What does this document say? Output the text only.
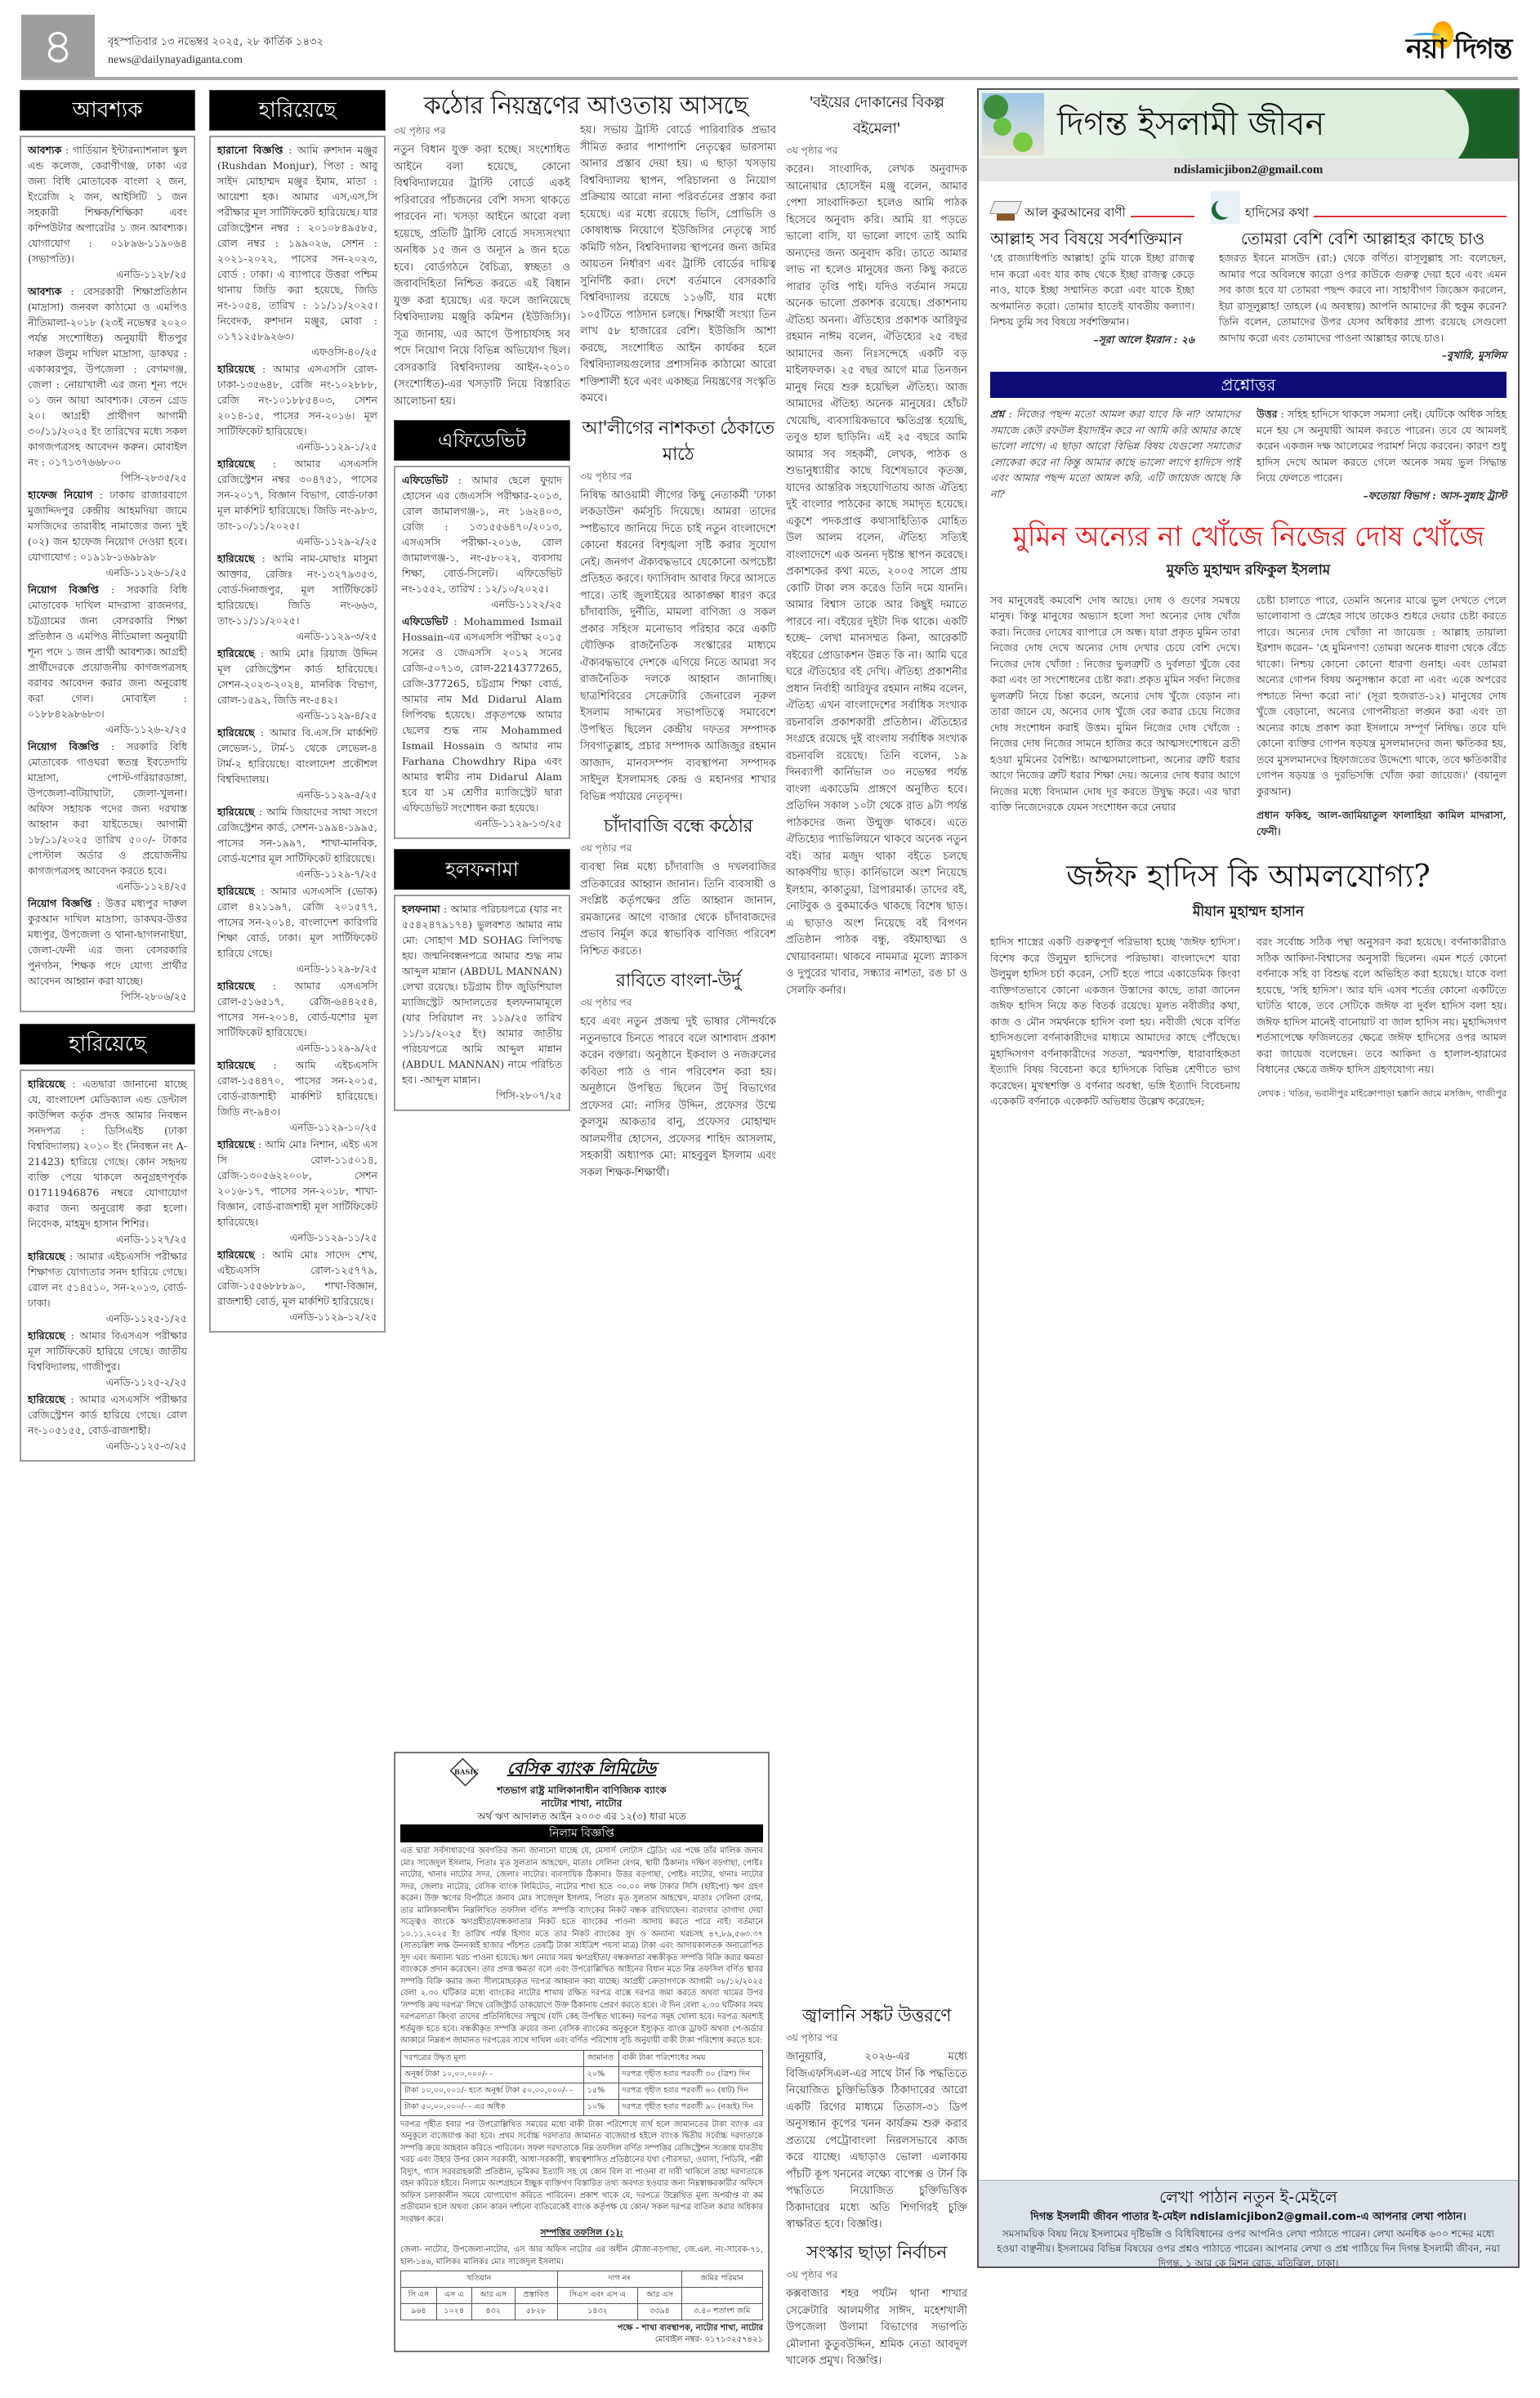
৪	বৃহস্পতিবার ১৩ নভেম্বর ২০২৫, ২৮ কার্তিক ১৪৩২
news@dailynayadiganta.com	নয়া দিগন্ত
আবশ্যক
আবশ্যক : গার্ডিয়ান ইন্টারন্যাশনাল স্কুল এন্ড কলেজ, কেরাণীগঞ্জ, ঢাকা এর জন্য বিধি মোতাবেক বাংলা ২ জন, ইংরেজি ২ জন, আইসিটি ১ জন সহকারী শিক্ষক/শিক্ষিকা এবং কম্পিউটার অপারেটর ১ জন আবশ্যক। যোগাযোগ : ০১৮৯৬-১১৯০৬৪ (সভাপতি)।
এনডি-১১২৮/২৫
আবশ্যক : বেসরকারী শিক্ষাপ্রতিষ্ঠান (মাদ্রাসা) জনবল কাঠামো ও এমপিও নীতিমালা-২০১৮ (২৩ই নভেম্বর ২০২০ পর্যন্ত সংশোধিত) অনুযায়ী ধীতপুর দারুল উলুম দাখিল মাদ্রাসা, ডাকঘর : একাব্বরপুর, উপজেলা : বেগমগঞ্জ, জেলা : নোয়াখালী এর জন্য শূন্য পদে ০১ জন আয়া আবশ্যক। বেতন গ্রেড ২০। আগ্রহী প্রার্থীগণ আগামী ৩০/১১/২০২৫ ইং তারিখের মধ্যে সকল কাগজপত্রসহ আবেদন করুন। মোবাইল নং : ০১৭১৩৭৬৬৮০০
পিসি-২৮৩৫/২৫
হাফেজ নিয়োগ : ঢাকায় রাজারবাগে মুজাদ্দিদপুর কেন্দ্রীয় আহমদিয়া জামে মসজিদের তারাবীহ নামাজের জন্য দুই (০২) জন হাফেজ নিয়োগ দেওয়া হবে। যোগাযোগ : ০১৯১৮-১৬৯৮৯৮
এনডি-১১২৬-১/২৫
নিয়োগ বিজ্ঞপ্তি : সরকারি বিধি মোতাবেক দাখিল মাদরাসা রাজনগর, চট্টগ্রামের জন্য বেসরকারি শিক্ষা প্রতিষ্ঠান ও এমপিও নীতিমালা অনুযায়ী শূন্য পদে ১ জন প্রার্থী আবশ্যক। আগ্রহী প্রার্থীদেরকে প্রয়োজনীয় কাগজপত্রসহ বরাবর আবেদন করার জন্য অনুরোধ করা গেল। মোবাইল : ০১৮৮৪২৯৮৬৮৩।
এনডি-১১২৬-২/২৫
নিয়োগ বিজ্ঞপ্তি : সরকারি বিধি মোতাবেক গাওঘরা স্বতন্ত্র ইবতেদায়ি মাদ্রাসা, পোস্ট-গরিয়ারডাঙ্গা, উপজেলা-বটিয়াঘাটা, জেলা-খুলনা। অফিস সহায়ক পদের জন্য দরখাস্ত আহ্বান করা যাইতেছে। আগামী ১৮/১১/২০২৫ তারিখ ৫০০/- টাকার পোস্টাল অর্ডার ও প্রয়োজনীয় কাগজপত্রসহ আবেদন করতে হবে।
এনডি-১১২৪/২৫
নিয়োগ বিজ্ঞপ্তি : উত্তর মধ্যপুর দারুল কুরআন দাখিল মাদ্রাসা, ডাকঘর-উত্তর মধ্যপুর, উপজেলা ও থানা-ছাগলনাইয়া, জেলা-ফেনী এর জন্য বেসরকারি পুনগঠন, শিক্ষক পদে যোগ্য প্রার্থীর আবেদন আহ্বান করা যাচ্ছে।
পিসি-২৮০৬/২৫
হারিয়েছে
হারিয়েছে : এতদ্বারা জানানো যাচ্ছে যে, বাংলাদেশ মেডিক্যাল এন্ড ডেন্টাল কাউন্সিল কর্তৃক প্রদত্ত আমার নিবন্ধন সনদপত্র : ডিসিএইচ (ঢাকা বিশ্ববিদ্যালয়) ২০১০ ইং (নিবন্ধন নং A-21423) হারিয়ে গেছে। কোন সহৃদয় ব্যক্তি পেয়ে থাকলে অনুগ্রহণপূর্বক 01711946876 নম্বরে যোগাযোগ করার জন্য অনুরোধ করা হলো। নিবেদক, মাহমুদ হাসান শিশির।
এনডি-১১২৭/২৫
হারিয়েছে : আমার এইচএসসি পরীক্ষার শিক্ষাগত যোগ্যতার সনদ হারিয়ে গেছে। রোল নং ৫১৪৫১০, সন-২০১৩, বোর্ড-ঢাকা।
এনডি-১১২৫-১/২৫
হারিয়েছে : আমার বিএসএস পরীক্ষার মূল সার্টিফিকেট হারিয়ে গেছে। জাতীয় বিশ্ববিদ্যালয়, গাজীপুর।
এনডি-১১২৫-২/২৫
হারিয়েছে : আমার এসএসসি পরীক্ষার রেজিস্ট্রেশন কার্ড হারিয়ে গেছে। রোল নং-১০৫১৫৫, বোর্ড-রাজশাহী।
এনডি-১১২৫-৩/২৫
হারিয়েছে
হারানো বিজ্ঞপ্তি : আমি রুশদান মঞ্জুর (Rushdan Monjur), পিতা : আবু সাইদ মোহাম্মদ মঞ্জুর ইমাম, মাতা : আয়েশা হক। আমার এস,এস,সি পরীক্ষার মূল সার্টিফিকেট হারিয়েছে। যার রেজিস্ট্রেশন নম্বর : ২০১০৮৪৯৫৮৫, রোল নম্বর : ১৯৯০২৬, সেশন : ২০২১-২০২২, পাসের সন-২০২৩, বোর্ড : ঢাকা। এ ব্যাপারে উত্তরা পশ্চিম থানায় জিডি করা হয়েছে, জিডি নং-১০৫৪, তারিখ : ১১/১১/২০২৫। নিবেদক, রুশদান মঞ্জুর, মোবা : ০১৭১২৫৮৯২৬৩।
এফওসি-৪০/২৫
হারিয়েছে : আমার এসএসসি রোল-ঢাকা-১৩৫৬৪৮, রেজি নং-১০২৮৮৮, রেজি নং-১০১৮৮৫৪০৩, সেশন ২০১৪-১৫, পাসের সন-২০১৬। মূল সার্টিফিকেট হারিয়েছে।
এনডি-১১২৯-১/২৫
হারিয়েছে : আমার এসএসসি রেজিস্ট্রেশন নম্বর ৩০৪৭৫১, পাসের সন-২০১৭, বিজ্ঞান বিভাগ, বোর্ড-ঢাকা মূল মার্কশিট হারিয়েছে। জিডি নং-৯৮৩, তাং-১০/১১/২০২৫।
এনডি-১১২৯-২/২৫
হারিয়েছে : আমি নাম-মোছাঃ মাসুমা আক্তার, রেজিঃ নং-১৩২৭৯৩৫৩, বোর্ড-দিনাজপুর, মূল সার্টিফিকেট হারিয়েছে। জিডি নং-৬৬৩, তাং-১১/১১/২০২৫।
এনডি-১১২৯-৩/২৫
হারিয়েছে : আমি মোঃ রিয়াজ উদ্দিন মূল রেজিস্ট্রেশন কার্ড হারিয়েছে। সেশন-২০২৩-২০২৪, মানবিক বিভাগ, রোল-১৫৯২, জিডি নং-৫৪২।
এনডি-১১২৯-৪/২৫
হারিয়েছে : আমার বি.এস.সি মার্কশিট লেভেল-১, টার্ম-১ থেকে লেভেল-৪ টার্ম-২ হারিয়েছে। বাংলাদেশ প্রকৌশল বিশ্ববিদ্যালয়।
এনডি-১১২৯-৫/২৫
হারিয়েছে : আমি জিয়াদের সাথা সংগে রেজিস্ট্রেশন কার্ড, সেশন-১৯৯৪-১৯৯৫, পাসের সন-১৯৯৭, শাখা-মানবিক, বোর্ড-যশোর মূল সার্টিফিকেট হারিয়েছে।
এনডি-১১২৯-৭/২৫
হারিয়েছে : আমার এসএসসি (ভোক) রোল ৪২১১৯৭, রেজি ২০১৫৭৭, পাসের সন-২০১৪, বাংলাদেশ কারিগরি শিক্ষা বোর্ড, ঢাকা। মূল সার্টিফিকেট হারিয়ে গেছে।
এনডি-১১২৯-৮/২৫
হারিয়েছে : আমার এসএসসি রোল-৫১৬৫১৭, রেজি-৬৪৪২৫৪, পাসের সন-২০১৪, বোর্ড-যশোর মূল সার্টিফিকেট হারিয়েছে।
এনডি-১১২৯-৯/২৫
হারিয়েছে : আমি এইচএসসি রোল-১৫৪৪৭০, পাসের সন-২০১৫, বোর্ড-রাজশাহী মার্কশিট হারিয়েছে। জিডি নং-৯৪৩।
এনডি-১১২৯-১০/২৫
হারিয়েছে : আমি মোঃ নিশান, এইচ এস সি রোল-১১৫০১৪, রেজি-১৩০৫৬২২০০৮, সেশন ২০১৬-১৭, পাসের সন-২০১৮, শাখা-বিজ্ঞান, বোর্ড-রাজশাহী মূল সার্টিফিকেট হারিয়েছে।
এনডি-১১২৯-১১/২৫
হারিয়েছে : আমি মোঃ সাদেদ শেখ, এইচএসসি রোল-১২৫৭৭৯, রেজি-১৫৫৬৮৮৮৯০, শাখা-বিজ্ঞান, রাজশাহী বোর্ড, মূল মার্কশিট হারিয়েছে।
এনডি-১১২৯-১২/২৫
কঠোর নিয়ন্ত্রণের আওতায় আসছে
৩য় পৃষ্ঠার পর
নতুন বিধান যুক্ত করা হচ্ছে। সংশোধিত আইনে বলা হয়েছে, কোনো বিশ্ববিদ্যালয়ের ট্রাস্টি বোর্ডে একই পরিবারের পাঁচজনের বেশি সদস্য থাকতে পারবেন না। খসড়া আইনে আরো বলা হয়েছে, প্রতিটি ট্রাস্টি বোর্ডে সদস্যসংখ্যা অনধিক ১৫ জন ও অন্যূন ৯ জন হতে হবে। বোর্ডগঠনে বৈচিত্র্য, স্বচ্ছতা ও জবাবদিহিতা নিশ্চিত করতে এই বিধান যুক্ত করা হয়েছে। এর ফলে জানিয়েছে বিশ্ববিদ্যালয় মঞ্জুরি কমিশন (ইউজিসি)। সূত্র জানায়, এর আগে উপাচার্যসহ সব পদে নিয়োগ নিয়ে বিভিন্ন অভিযোগ ছিল। বেসরকারি বিশ্ববিদ্যালয় আইন-২০১০ (সংশোধিত)-এর খসড়াটি নিয়ে বিস্তারিত আলোচনা হয়।
এফিডেভিট
এফিডেভিট : আমার ছেলে ফুয়াদ হোসেন এর জেএসসি পরীক্ষার-২০১৩, রোল জামালগঞ্জ-১, নং ১৬২৪০৩, রেজি : ১৩১৫৫৬৪৭০/২০১৩, এসএসসি পরীক্ষা-২০১৬, রোল জামালগঞ্জ-১, নং-৫৮০২২, ব্যবসায় শিক্ষা, বোর্ড-সিলেট। এফিডেভিট নং-১৫৫২, তারিখ : ১২/১০/২০২৫।
এনডি-১১২২/২৫
এফিডেভিট : Mohammed Ismail Hossain-এর এসএসসি পরীক্ষা ২০১৫ সনের ও জেএসসি ২০১২ সনের রেজি-৫০৭১৩, রোল-2214377265, রেজি-377265, চট্টগ্রাম শিক্ষা বোর্ড, আমার নাম Md Didarul Alam লিপিবদ্ধ হয়েছে। প্রকৃতপক্ষে আমার ছেলের শুদ্ধ নাম Mohammed Ismail Hossain ও আমার নাম Farhana Chowdhry Ripa এবং আমার স্বামীর নাম Didarul Alam হবে যা ১ম শ্রেণীর ম্যাজিস্ট্রেট দ্বারা এফিডেভিট সংশোধন করা হয়েছে।
এনডি-১১২৯-১৩/২৫
হলফনামা
হলফনামা : আমার পরিচয়পত্রে (যার নং ৫৫৪২৪৭৯১৭৪) ভুলবশত আমার নাম মো: সোহাগ MD SOHAG লিপিবদ্ধ হয়। জন্মনিবন্ধনপত্রে আমার শুদ্ধ নাম আব্দুল মান্নান (ABDUL MANNAN) লেখা রয়েছে। চট্টগ্রাম চীফ জুডিশিয়াল ম্যাজিস্ট্রেট আদালতের হলফনামামূলে (যার সিরিয়াল নং ১১৯/২৫ তারিখ ১১/১১/২০২৫ ইং) আমার জাতীয় পরিচয়পত্রে আমি আব্দুল মান্নান (ABDUL MANNAN) নামে পরিচিত হব। -আব্দুল মান্নান।
পিসি-২৮০৭/২৫
হয়। সভায় ট্রাস্টি বোর্ডে পারিবারিক প্রভাব সীমিত করার পাশাপাশি নেতৃত্বের ভারসাম্য আনার প্রস্তাব দেয়া হয়। এ ছাড়া খসড়ায় বিশ্ববিদ্যালয় স্থাপন, পরিচালনা ও নিয়োগ প্রক্রিয়ায় আরো নানা পরিবর্তনের প্রস্তাব করা হয়েছে। এর মধ্যে রয়েছে ভিসি, প্রোভিসি ও কোষাধ্যক্ষ নিয়োগে ইউজিসির নেতৃত্বে সার্চ কমিটি গঠন, বিশ্ববিদ্যালয় স্থাপনের জন্য জমির আয়তন নির্ধারণ এবং ট্রাস্টি বোর্ডের দায়িত্ব সুনির্দিষ্ট করা। দেশে বর্তমানে বেসরকারি বিশ্ববিদ্যালয় রয়েছে ১১৬টি, যার মধ্যে ১০৫টিতে পাঠদান চলছে। শিক্ষার্থী সংখ্যা তিন লাখ ৫৮ হাজারের বেশি। ইউজিসি আশা করছে, সংশোধিত আইন কার্যকর হলে বিশ্ববিদ্যালয়গুলোর প্রশাসনিক কাঠামো আরো শক্তিশালী হবে এবং একচ্ছত্র নিয়ন্ত্রণের সংস্কৃতি কমবে।
আ'লীগের নাশকতা ঠেকাতে মাঠে
৩য় পৃষ্ঠার পর
নিষিদ্ধ আওয়ামী লীগের কিছু নেতাকর্মী 'ঢাকা লকডাউন' কর্মসূচি দিয়েছে। আমরা তাদের স্পষ্টভাবে জানিয়ে দিতে চাই নতুন বাংলাদেশে কোনো ধরনের বিশৃঙ্খলা সৃষ্টি করার সুযোগ নেই। জনগণ ঐক্যবদ্ধভাবে যেকোনো অপচেষ্টা প্রতিহত করবে। ফ্যাসিবাদ আবার ফিরে আসতে পারে। তাই জুলাইয়ের আকাঙ্ক্ষা ধারণ করে চাঁদাবাজি, দুর্নীতি, মামলা বাণিজ্য ও সকল প্রকার সহিংস মনোভাব পরিহার করে একটি যৌক্তিক রাজনৈতিক সংস্কারের মাধ্যমে ঐক্যবদ্ধভাবে দেশকে এগিয়ে নিতে আমরা সব রাজনৈতিক দলকে আহ্বান জানাচ্ছি। ছাত্রশিবিরের সেক্রেটারি জেনারেল নূরুল ইসলাম সাদ্দামের সভাপতিত্বে সমাবেশে উপস্থিত ছিলেন কেন্দ্রীয় দফতর সম্পাদক সিবগাতুল্লাহ, প্রচার সম্পাদক আজিজুর রহমান আজাদ, মানবসম্পদ ব্যবস্থাপনা সম্পাদক সাইদুল ইসলামসহ কেন্দ্র ও মহানগর শাখার বিভিন্ন পর্যায়ের নেতৃবৃন্দ।
চাঁদাবাজি বন্ধে কঠোর
৩য় পৃষ্ঠার পর
ব্যবস্থা নিন্ন মধ্যে চাঁদাবাজি ও দখলবাজির প্রতিকারের আহ্বান জানান। তিনি ব্যবসায়ী ও সংশ্লিষ্ট কর্তৃপক্ষের প্রতি আহ্বান জানান, রমজানের আগে বাজার থেকে চাঁদাবাজদের প্রভাব নির্মূল করে স্বাভাবিক বাণিজ্য পরিবেশ নিশ্চিত করতে।
রাবিতে বাংলা-উর্দু
৩য় পৃষ্ঠার পর
হবে এবং নতুন প্রজন্ম দুই ভাষার সৌন্দর্যকে নতুনভাবে চিনতে পারবে বলে আশাবাদ প্রকাশ করেন বক্তারা। অনুষ্ঠানে ইকবাল ও নজরুলের কবিতা পাঠ ও গান পরিবেশন করা হয়। অনুষ্ঠানে উপস্থিত ছিলেন উর্দু বিভাগের প্রফেসর মো: নাসির উদ্দিন, প্রফেসর উম্মে কুলসুম আকতার বানু, প্রফেসর মোহাম্মদ আলমগীর হোসেন, প্রফেসর শাহিদ আসলাম, সহকারী অধ্যাপক মো: মাহবুবুল ইসলাম এবং সকল শিক্ষক-শিক্ষার্থী।
BASIC	বেসিক ব্যাংক লিমিটেড
শতভাগ রাষ্ট্র মালিকানাধীন বাণিজ্যিক ব্যাংক
নাটোর শাখা, নাটোর
অর্থ ঋণ আদালত আইন ২০০৩ এর ১২(৩) ধারা মতে
নিলাম বিজ্ঞপ্তি
এত দ্বারা সর্বসাধারণের অবগতির জন্য জানানো যাচ্ছে যে, মেসার্স লোটাস ট্রেডিং এর পক্ষে তাঁর মালিক জনাব মোঃ সাজেদুল ইসলাম, পিতাঃ মৃত সুলতান আহম্মেদ, মাতাঃ সেলিনা বেগম, স্থায়ী ঠিকানাঃ দক্ষিণ বড়গাছা, পোষ্টঃ নাটোর, থানাঃ নাটোর সদর, জেলাঃ নাটোর। ব্যবসায়িক ঠিকানাঃ উত্তর বড়গাছা, পোষ্টঃ নাটোর, থানাঃ নাটোর সদর, জেলাঃ নাটোর, বেসিক ব্যাংক লিমিটেড, নাটোর শাখা হতে ৩০.০০ লক্ষ টাকার সিসি (হাইপো) ঋণ গ্রহণ করেন। উক্ত ঋণের বিপরীতে জনাব মোঃ সাজেদুল ইসলাম, পিতাঃ মৃত সুলতান আহম্মেদ, মাতাঃ সেলিনা বেগম, তার মালিকানাধীন নিম্নলিখিত তফসিল বর্ণিত সম্পত্তি ব্যাংকের নিকট বন্ধক রাখিয়াছেন। বারংবার তাগাদা দেয়া সত্ত্বেও ব্যাংকে ঋণগ্রহীতা/বন্ধকদাতার নিকট হতে ব্যাংকের পাওনা আদায় করতে পারে নাই। বর্তমানে ১০.১১.২০২৫ ইং তারিখ পর্যন্ত হিসাব মতে তার নিকট ব্যাংকের সুদ ও অন্যান্য খরচসহ ৪৭,৮৯,৫৬৩.৩৭ (সাতচল্লিশ লক্ষ উননব্বই হাজার পাঁচশত তেষট্টি টাকা সাইত্রিশ পয়সা মাত্র) টাকা এবং আদায়কালতক অনারোপিত সুদ এবং অন্যান্য খরচ পাওনা হয়েছে। ঋণ নেয়ার সময় ঋণগ্রহীতা/ বন্ধকদাতা বন্ধকীকৃত সম্পত্তি বিক্রি করার ক্ষমতা ব্যাংককে প্রদান করেছেন। তার প্রদত্ত ক্ষমতা বলে এবং উপরোল্লিখিত আইনের বিধান মতে নিম্ন তফসিল বর্ণিত স্থাবর সম্পত্তি বিক্রি করার জন্য সীলমোহরকৃত দরপত্র আহবান করা যাচ্ছে। আগ্রহী ক্রেতাগণকে আগামী ০৮/১২/২০২৫ বেলা ২.৩০ ঘটিকার মধ্যে ব্যাংকের নাটোর শাখায় রক্ষিত দরপত্র বাক্সে দরপত্র জমা করতে অথবা খামের উপর 'সম্পত্তি ক্রয় দরপত্র' লিখে রেজিস্ট্রার্ড ডাকযোগে উক্ত ঠিকানায় প্রেরণ করতে হবে। ঐ দিন বেলা ২.৩০ ঘটিকার সময় দরপত্রদাতা কিংবা তাদের প্রতিনিধিদের সম্মুখে (যদি কেহ উপস্থিত থাকেন) দরপত্র সমূহ খোলা হবে। দরপত্র অবশ্যই শর্তমুক্ত হতে হবে। বন্ধকীকৃত সম্পত্তি ক্রয়ের জন্য বেসিক ব্যাংকের অনুকূলে ইস্যুকৃত ব্যাংক ড্রাফট অথবা পে-অর্ডার আকারে নিম্নরূপ জামানত দরপত্রের সাথে দাখিল এবং বর্ণিত পরিশোধ সূচি অনুযায়ী বাকী টাকা পরিশোধ করতে হবে:
দরপত্রের উদ্ধৃত মূল্য	জামানত	বাকী টাকা পরিশোধের সময়
অনূর্ধ্ব টাকা ১০,০০,০০০/- -	২০%	দরপত্র গৃহীত হবার পরবর্তী ৩০ (ত্রিশ) দিন
টাকা ১০,০০,০০১/- হতে অনূর্ধ্ব টাকা ৫০,০০,০০০/- -	১৫%	দরপত্র গৃহীত হবার পরবর্তী ৬০ (ষাট) দিন
টাকা ৫০,০০,০০০/- - এর অধিক	১০%	দরপত্র গৃহীত হবার পরবর্তী ৯০ (নব্বই) দিন
দরপত্র গৃহীত হবার পর উপরোল্লিখিত সময়ের মধ্যে বাকী টাকা পরিশোধে ব্যর্থ হলে জামানতের টাকা ব্যাংক এর অনুকূলে বাজেয়াপ্ত করা হবে। প্রথম সর্বোচ্চ দরদাতার জামানত বাজেয়াপ্ত হইলে ব্যাংক দ্বিতীয় সর্বোচ্চ দরদাতাকে সম্পত্তি ক্রয়ে আহবান করিতে পারিবেন। সফল দরদাতাকে নিম্ন তফসিল বর্ণিত সম্পত্তির রেজিস্ট্রেশন সংক্রান্ত যাবতীয় খরচ এবং উহার উপর কোন সরকারী, আধা-সরকারী, স্বায়ত্বশাসিত প্রতিষ্ঠানের যথা পৌরসভা, ওয়াসা, পিডিবি, পল্লী বিদ্যুৎ, গ্যাস সরবরাহকারী প্রতিষ্ঠান, ভূমিকর ইত্যাদি সহ যে কোন বিল বা পাওনা বা দাবী থাকিলে তাহা দরদাতাকে বহন করিতে হইবে। নিলামে অংশগ্রহনে ইচ্ছুক ব্যক্তিগণ বিস্তারিত তথ্য অবগত হওয়ার জন্য নিম্নস্বাক্ষরকারীর অফিসে অফিস চলাকালীন সময়ে যোগাযোগ করিতে পারিবেন। প্রকাশ থাকে যে, দরপত্রে উল্লেখিত মূল্য অপর্যাপ্ত বা কম প্রতীয়মান হলে অথবা কোন কারন দর্শানো ব্যতিরেকেই ব্যাংক কর্তৃপক্ষ যে কোন/ সকল দরপত্র বাতিল করার অধিকার সংরক্ষণ করে।
সম্পত্তির তফসিল (১):
জেলা- নাটোর, উপজেলা-নাটোর, এস আর অফিস নাটোর এর অধীন মৌজা-বড়গাছা, জে.এল. নং-সাবেক-৭১, হাল-১৪৬, মালিকঃ মালিকঃ মোঃ সাজেদুল ইসলাম।
খতিয়ান				দাগ নং		জমির পরিমান
সি এস	এস এ	আর এস	প্রস্তাবিত	সিএস এবং এস এ	আর এস	
৯৬৪	১০২৪	৪৩২	৫৮২৮	১৪৩২	৩৩৯৪	৩.৪০ শতাংশ জমি
পক্ষে - শাখা ব্যবস্থাপক, নাটোর শাখা, নাটোর
মোবাইল নম্বর- ০১৭১৩২৫৭৪২১
'বইয়ের দোকানের বিকল্প বইমেলা'
৩য় পৃষ্ঠার পর
করেন। সাংবাদিক, লেখক অনুবাদক আনোয়ার হোসেইন মঞ্জু বলেন, আমার পেশা সাংবাদিকতা হলেও আমি পাঠক হিসেবে অনুবাদ করি। আমি যা পড়তে ভালো বাসি, যা ভালো লাগে তাই আমি অন্যদের জন্য অনুবাদ করি। তাতে আমার লাভ না হলেও মানুষের জন্য কিছু করতে পারার তৃপ্তি পাই। যদিও বর্তমান সময়ে অনেক ভালো প্রকাশক রয়েছে। প্রকাশনায় ঐতিহ্য অনন্য। ঐতিহ্যের প্রকাশক আরিফুর রহমান নাঈম বলেন, ঐতিহ্যের ২৫ বছর আমাদের জন্য নিঃসন্দেহে একটি বড় মাইলফলক। ২৫ বছর আগে মাত্র তিনজন মানুষ নিয়ে শুরু হয়েছিল ঐতিহ্য। আজ আমাদের ঐতিহ্য অনেক মানুষের। হোঁচট খেয়েছি, ব্যবসায়িকভাবে ক্ষতিগ্রস্ত হয়েছি, তবুও হাল ছাড়িনি। এই ২৫ বছরে আমি আমার সব সহকর্মী, লেখক, পাঠক ও শুভানুধ্যায়ীর কাছে বিশেষভাবে কৃতজ্ঞ, যাদের আন্তরিক সহযোগিতায় আজ ঐতিহ্য দুই বাংলার পাঠকের কাছে সমাদৃত হয়েছে। একুশে পদকপ্রাপ্ত কথাসাহিত্যিক মোহিত উল আলম বলেন, ঐতিহ্য সত্যিই বাংলাদেশে এক অনন্য দৃষ্টান্ত স্থাপন করেছে। প্রকাশকের কথা মতে, ২০০৫ সালে প্রায় কোটি টাকা লস করেও তিনি দমে যাননি। আমার বিশ্বাস তাকে আর কিছুই দমাতে পারবে না। বইয়ের দুইটা দিক থাকে। একটি হচ্ছে– লেখা মানসম্মত কিনা, আরেকটি বইয়ের প্রোডাকশন উন্নত কি না। আমি ঘরে ঘরে ঐতিহ্যের বই দেখি। ঐতিহ্য প্রকাশনীর প্রধান নির্বাহী আরিফুর রহমান নাঈম বলেন, ঐতিহ্য এখন বাংলাদেশের সর্বাধিক সংখ্যক রচনাবলি প্রকাশকারী প্রতিষ্ঠান। ঐতিহ্যের সংগ্রহে রয়েছে দুই বাংলায় সর্বাধিক সংখ্যক রচনাবলি রয়েছে। তিনি বলেন, ১৯ দিনব্যাপী কার্নিভাল ৩০ নভেম্বর পর্যন্ত বাংলা একাডেমি প্রাঙ্গণে অনুষ্ঠিত হবে। প্রতিদিন সকাল ১০টা থেকে রাত ৯টা পর্যন্ত পাঠকদের জন্য উন্মুক্ত থাকবে। এতে ঐতিহ্যের প্যাভিলিয়নে থাকবে অনেক নতুন বই। আর মজুদ থাকা বইতে চলছে আকর্ষণীয় ছাড়। কার্নিভালে অংশ নিয়েছে ইলহাম, কাকাতুয়া, গ্রিপারমার্ক। তাদের বই, নোটবুক ও বুকমার্কেও থাকছে বিশেষ ছাড়। এ ছাড়াও অংশ নিয়েছে বই বিপণন প্রতিষ্ঠান পাঠক বন্ধু, বইমাহাত্ম্য ও খোয়াবনামা। থাকবে নামমাত্র মূল্যে স্ন্যাকস ও দুপুরের খাবার, সন্ধ্যার নাশতা, রঙ চা ও সেলফি কর্নার।
জ্বালানি সঙ্কট উত্তরণে
৩য় পৃষ্ঠার পর
জানুয়ারি, ২০২৬-এর মধ্যে বিজিএফসিএল-এর সাথে টার্ন কি পদ্ধতিতে নিয়োজিত চুক্তিভিত্তিক ঠিকাদারের আরো একটি রিগের মাধ্যমে তিতাস-৩১ ডিপ অনুসন্ধান কূপের খনন কার্যক্রম শুরু করার প্রত্যয়ে পেট্রোবাংলা নিরলসভাবে কাজ করে যাচ্ছে। এছাড়াও ভোলা এলাকায় পাঁচটি কূপ খননের লক্ষ্যে বাপেক্স ও টার্ন কি পদ্ধতিতে নিয়োজিত চুক্তিভিত্তিক ঠিকাদারের মধ্যে অতি শিগগিরই চুক্তি স্বাক্ষরিত হবে। বিজ্ঞপ্তি।
সংস্কার ছাড়া নির্বাচন
৩য় পৃষ্ঠার পর
কক্সবাজার শহর পর্যটন থানা শাখার সেক্রেটারি আলমগীর সাঈদ, মহেশখালী উপজেলা উলামা বিভাগের সভাপতি মৌলানা কুতুবউদ্দিন, শ্রমিক নেতা আবদুল খালেক প্রমুখ। বিজ্ঞপ্তি।
দিগন্ত ইসলামী জীবন
ndislamicjibon2@gmail.com
আল কুরআনের বাণী	হাদিসের কথা
আল্লাহ সব বিষয়ে সর্বশক্তিমান
'হে রাজ্যাধিপতি আল্লাহ! তুমি যাকে ইচ্ছা রাজত্ব দান করো এবং যার কাছ থেকে ইচ্ছা রাজত্ব কেড়ে নাও, যাকে ইচ্ছা সম্মানিত করো এবং যাকে ইচ্ছা অপমানিত করো। তোমার হাতেই যাবতীয় কল্যাণ। নিশ্চয় তুমি সব বিষয়ে সর্বশক্তিমান।
–সূরা আলে ইমরান : ২৬
তোমরা বেশি বেশি আল্লাহর কাছে চাও
হজরত ইবনে মাসউদ (রা:) থেকে বর্ণিত। রাসূলুল্লাহ সা: বলেছেন, আমার পরে অবিলম্বে কারো ওপর কাউকে গুরুত্ব দেয়া হবে এবং এমন সব কাজ হবে যা তোমরা পছন্দ করবে না। সাহাবীগণ জিজ্ঞেস করলেন, ইয়া রাসূলুল্লাহ! তাহলে (এ অবস্থায়) আপনি আমাদের কী হুকুম করেন? তিনি বলেন, তোমাদের উপর যেসব অধিকার প্রাপ্য রয়েছে সেগুলো আদায় করো এবং তোমাদের পাওনা আল্লাহর কাছে চাও।
–বুখারি, মুসলিম
প্রশ্নোত্তর
প্রশ্ন : নিজের পছন্দ মতো আমল করা যাবে কি না? আমাদের সমাজে কেউ রফউল ইয়াদাইন করে না আমি করি আমার কাছে ভালো লাগে। এ ছাড়া আরো বিভিন্ন বিষয় যেগুলো সমাজের লোকেরা করে না কিন্তু আমার কাছে ভালো লাগে হাদিসে পাই এবং আমার পছন্দ মতো আমল করি, এটি জায়েজ আছে কি না?
উত্তর : সহিহ হাদিসে থাকলে সমস্যা নেই। যেটিকে অধিক সহিহ মনে হয় সে অনুযায়ী আমল করতে পারেন। তবে যে আমলই করেন একজন দক্ষ আলেমের পরামর্শ নিয়ে করবেন। কারণ শুধু হাদিস দেখে আমল করতে গেলে অনেক সময় ভুল সিদ্ধান্ত নিয়ে ফেলতে পারেন।
–ফতোয়া বিভাগ : আস-সুন্নাহ ট্রাস্ট
মুমিন অন্যের না খোঁজে নিজের দোষ খোঁজে
মুফতি মুহাম্মদ রফিকুল ইসলাম
সব মানুষেরই কমবেশি দোষ আছে। দোষ ও গুণের সমন্বয়ে মানুষ। কিন্তু মানুষের অভ্যাস হলো সদা অন্যের দোষ খোঁজ করা। নিজের দোষের ব্যাপারে সে অন্ধ। যারা প্রকৃত মুমিন তারা নিজের দোষ দেখে অন্যের দোষ দেখার চেয়ে বেশি দেখে। নিজের দোষ খোঁজা : নিজের ভুলত্রুটি ও দুর্বলতা খুঁজে বের করা এবং তা সংশোধনের চেষ্টা করা। প্রকৃত মুমিন সর্বদা নিজের ভুলত্রুটি নিয়ে চিন্তা করেন, অন্যের দোষ খুঁজে বেড়ান না। তারা জানে যে, অন্যের দোষ খুঁজে বের করার চেয়ে নিজের দোষ সংশোধন করাই উত্তম। মুমিন নিজের দোষ খোঁজে : নিজের দোষ নিজের সামনে হাজির করে আত্মসংশোধনে ব্রতী হওয়া মুমিনের বৈশিষ্ট্য। আত্মসমালোচনা, অন্যের ত্রুটি ধরার আগে নিজের ত্রুটি ধরার শিক্ষা দেয়। অন্যের দোষ ধরার আগে নিজের মধ্যে বিদ্যমান দোষ দূর করতে উদ্বুদ্ধ করে। এর দ্বারা ব্যক্তি নিজেদেরকে যেমন সংশোধন করে নেয়ার
চেষ্টা চালাতে পারে, তেমনি অন্যের মাঝে ভুল দেখতে পেলে ভালোবাসা ও স্নেহের সাথে তাকেও শুধরে দেয়ার চেষ্টা করতে পারে। অন্যের দোষ খোঁজা না জায়েজ : আল্লাহ তায়ালা ইরশাদ করেন– 'হে মুমিনগণ! তোমরা অনেক ধারণা থেকে বেঁচে থাকো। নিশ্চয় কোনো কোনো ধারণা গুনাহ। এবং তোমরা অন্যের গোপন বিষয় অনুসন্ধান করো না এবং একে অপরের পশ্চাতে নিন্দা করো না।' (সূরা হুজরাত-১২) মানুষের দোষ খুঁজে বেড়ানো, অন্যের গোপনীয়তা লঙ্ঘন করা এবং তা অন্যের কাছে প্রকাশ করা ইসলামে সম্পূর্ণ নিষিদ্ধ। তবে যদি কোনো ব্যক্তির গোপন ষড়যন্ত্র মুসলমানদের জন্য ক্ষতিকর হয়, তবে মুসলমানদের হিফাজতের উদ্দেশ্যে থাকে, তবে ক্ষতিকারীর গোপন ষড়যন্ত্র ও দুরভিসন্ধি খোঁজ করা জায়েজ।' (বয়ানুল কুরআন)
প্রধান ফকিহ, আল-জামিয়াতুল ফালাহিয়া কামিল মাদরাসা, ফেনী।
জঈফ হাদিস কি আমলযোগ্য?
মীযান মুহাম্মদ হাসান
হাদিস শাস্ত্রের একটি গুরুত্বপূর্ণ পরিভাষা হচ্ছে 'জঈফ হাদিস'। বিশেষ করে উলুমুল হাদিসের পরিভাষা। বাংলাদেশে যারা উলুমুল হাদিস চর্চা করেন, সেটি হতে পারে একাডেমিক কিংবা ব্যক্তিগতভাবে কোনো একজন উস্তাদের কাছে, তারা জানেন জঈফ হাদিস নিয়ে কত বিতর্ক রয়েছে। মূলত নবীজীর কথা, কাজ ও মৌন সমর্থনকে হাদিস বলা হয়। নবীজী থেকে বর্ণিত হাদিসগুলো বর্ণনাকারীদের মাধ্যমে আমাদের কাছে পৌঁছেছে। মুহাদ্দিসগণ বর্ণনাকারীদের সততা, স্মরণশক্তি, ধারাবাহিকতা ইত্যাদি বিষয় বিবেচনা করে হাদিসকে বিভিন্ন শ্রেণীতে ভাগ করেছেন। মুখস্থশক্তি ও বর্ণনার অবস্থা, ভঙ্গি ইত্যাদি বিবেচনায় একেকটি বর্ণনাকে একেকটি অভিধায় উল্লেখ করেছেন;
বরং সর্বোচ্চ সঠিক পন্থা অনুসরণ করা হয়েছে। বর্ণনাকারীরাও সঠিক আকিদা-বিশ্বাসের অনুসারী ছিলেন। এমন শর্তে কোনো বর্ণনাকে সহি বা বিশুদ্ধ বলে অভিহিত করা হয়েছে। যাকে বলা হয়েছে, 'সহি হাদিস'। আর যদি এসব শর্তের কোনো একটিতে ঘাটতি থাকে, তবে সেটিকে জঈফ বা দুর্বল হাদিস বলা হয়। জঈফ হাদিস মানেই বানোয়াট বা জাল হাদিস নয়। মুহাদ্দিসগণ শর্তসাপেক্ষে ফজিলতের ক্ষেত্রে জঈফ হাদিসের ওপর আমল করা জায়েজ বলেছেন। তবে আকিদা ও হালাল-হারামের বিধানের ক্ষেত্রে জঈফ হাদিস গ্রহণযোগ্য নয়।
লেখক : খতিব, ভবানীপুর মাইক্রোপাড়া হক্কানি জামে মসজিদ, গাজীপুর
লেখা পাঠান নতুন ই-মেইলে
দিগন্ত ইসলামী জীবন পাতার ই-মেইল ndislamicjibon2@gmail.com-এ আপনার লেখা পাঠান।
সমসাময়িক বিষয় নিয়ে ইসলামের দৃষ্টিভঙ্গি ও বিধিবিধানের ওপর আপনিও লেখা পাঠাতে পারেন। লেখা অনধিক ৬০০ শব্দের মধ্যে হওয়া বাঞ্ছনীয়। ইসলামের বিভিন্ন বিষয়ের ওপর প্রশ্নও পাঠাতে পারেন। আপনার লেখা ও প্রশ্ন পাঠিয়ে দিন দিগন্ত ইসলামী জীবন, নয়া দিগন্ত, ১ আর কে মিশন রোড, মতিঝিল, ঢাকা।
